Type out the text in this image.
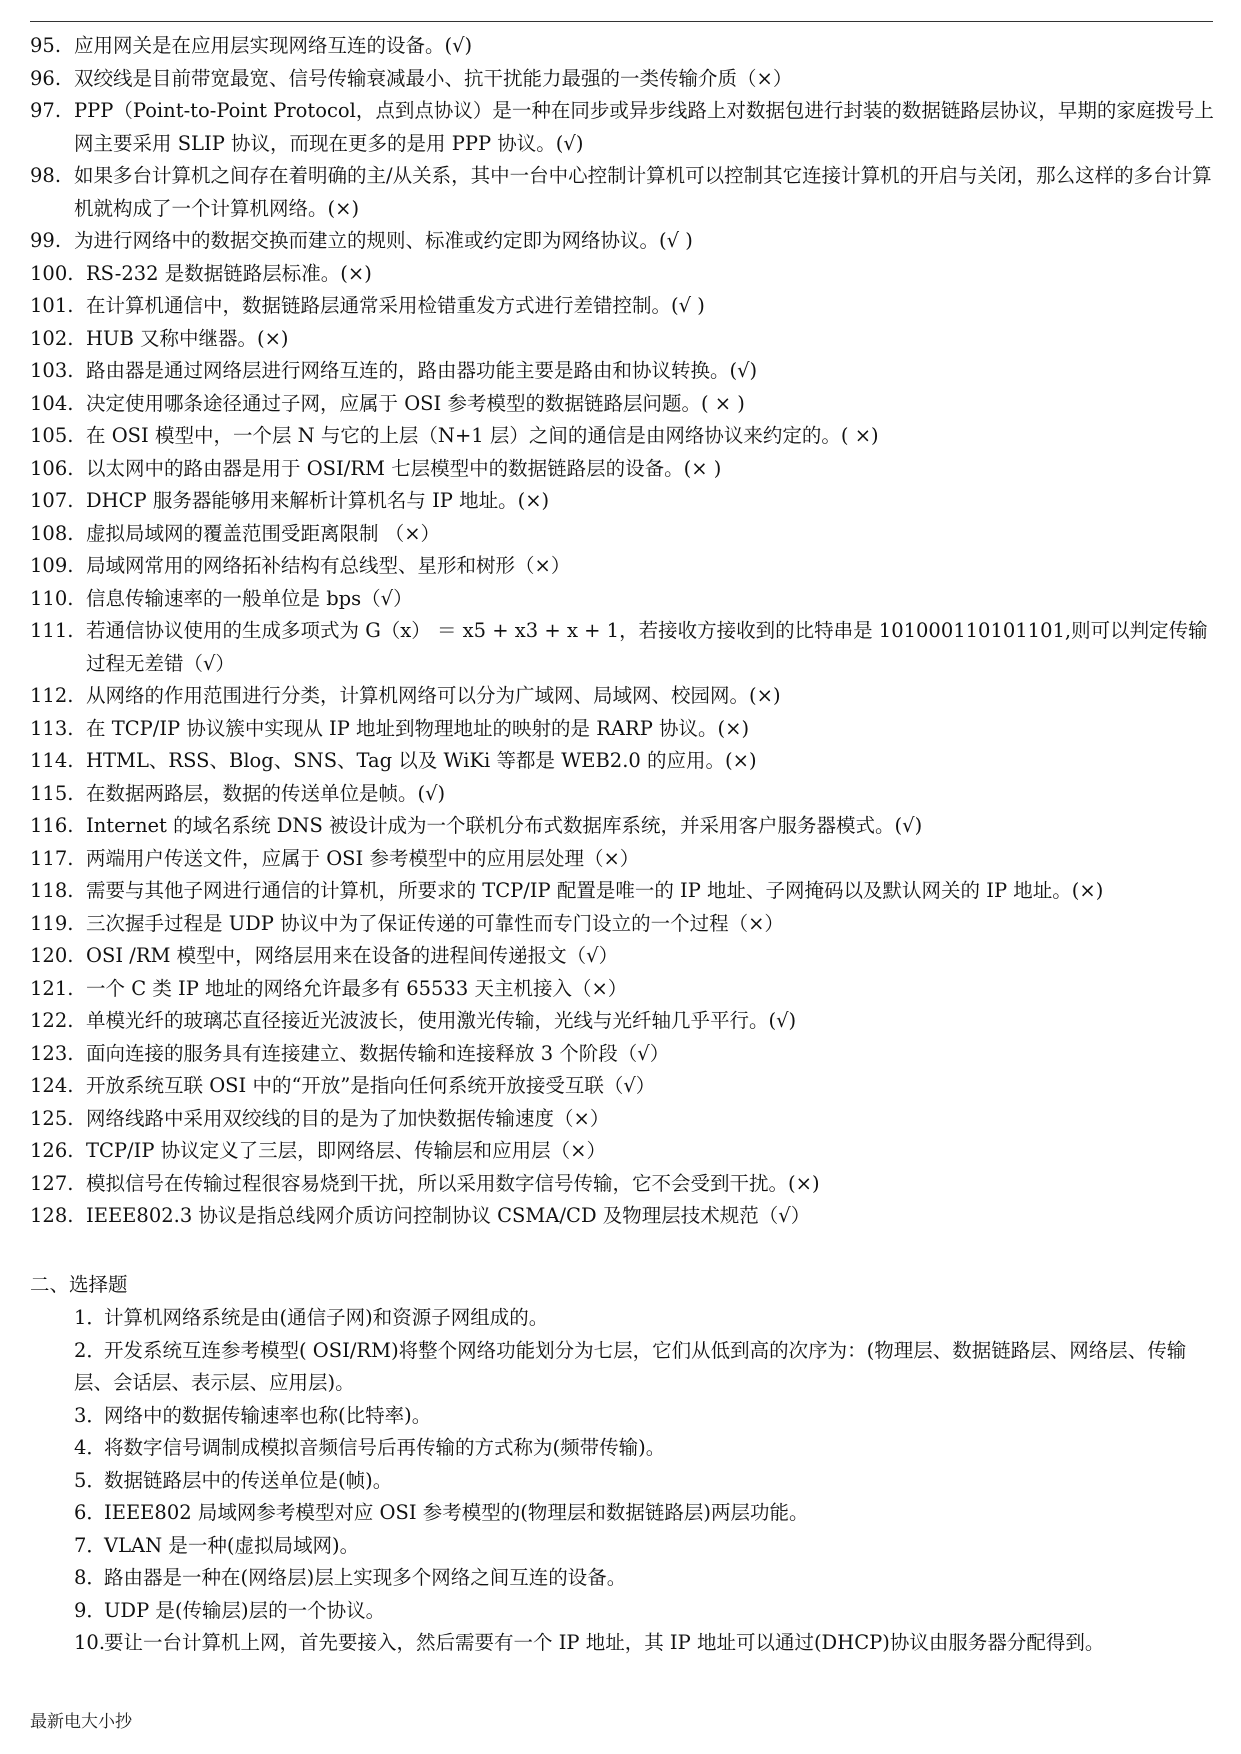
95. 应用网关是在应用层实现网络互连的设备。(√)
96. 双绞线是目前带宽最宽、信号传输衰减最小、抗干扰能力最强的一类传输介质（×）
97. PPP（Point-to-Point Protocol，点到点协议）是一种在同步或异步线路上对数据包进行封装的数据链路层协议，早期的家庭拨号上网主要采用 SLIP 协议，而现在更多的是用 PPP 协议。(√)
98. 如果多台计算机之间存在着明确的主/从关系，其中一台中心控制计算机可以控制其它连接计算机的开启与关闭，那么这样的多台计算机就构成了一个计算机网络。(×)
99. 为进行网络中的数据交换而建立的规则、标准或约定即为网络协议。(√ )
100. RS-232 是数据链路层标准。(×)
101. 在计算机通信中，数据链路层通常采用检错重发方式进行差错控制。(√ )
102. HUB 又称中继器。(×)
103. 路由器是通过网络层进行网络互连的，路由器功能主要是路由和协议转换。(√)
104. 决定使用哪条途径通过子网，应属于 OSI 参考模型的数据链路层问题。( × )
105. 在 OSI 模型中，一个层 N 与它的上层（N+1 层）之间的通信是由网络协议来约定的。( ×)
106. 以太网中的路由器是用于 OSI/RM 七层模型中的数据链路层的设备。(× )
107. DHCP 服务器能够用来解析计算机名与 IP 地址。(×)
108. 虚拟局域网的覆盖范围受距离限制 （×）
109. 局域网常用的网络拓补结构有总线型、星形和树形（×）
110. 信息传输速率的一般单位是 bps（√）
111. 若通信协议使用的生成多项式为 G（x） ＝ x5 + x3 + x + 1，若接收方接收到的比特串是 101000110101101,则可以判定传输过程无差错（√）
112. 从网络的作用范围进行分类，计算机网络可以分为广域网、局域网、校园网。(×)
113. 在 TCP/IP 协议簇中实现从 IP 地址到物理地址的映射的是 RARP 协议。(×)
114. HTML、RSS、Blog、SNS、Tag 以及 WiKi 等都是 WEB2.0 的应用。(×)
115. 在数据两路层，数据的传送单位是帧。(√)
116. Internet 的域名系统 DNS 被设计成为一个联机分布式数据库系统，并采用客户服务器模式。(√)
117. 两端用户传送文件，应属于 OSI 参考模型中的应用层处理（×）
118. 需要与其他子网进行通信的计算机，所要求的 TCP/IP 配置是唯一的 IP 地址、子网掩码以及默认网关的 IP 地址。(×)
119. 三次握手过程是 UDP 协议中为了保证传递的可靠性而专门设立的一个过程（×）
120. OSI /RM 模型中，网络层用来在设备的进程间传递报文（√）
121. 一个 C 类 IP 地址的网络允许最多有 65533 天主机接入（×）
122. 单模光纤的玻璃芯直径接近光波波长，使用激光传输，光线与光纤轴几乎平行。(√)
123. 面向连接的服务具有连接建立、数据传输和连接释放 3 个阶段（√）
124. 开放系统互联 OSI 中的“开放”是指向任何系统开放接受互联（√）
125. 网络线路中采用双绞线的目的是为了加快数据传输速度（×）
126. TCP/IP 协议定义了三层，即网络层、传输层和应用层（×）
127. 模拟信号在传输过程很容易烧到干扰，所以采用数字信号传输，它不会受到干扰。(×)
128. IEEE802.3 协议是指总线网介质访问控制协议 CSMA/CD 及物理层技术规范（√）
二、选择题
1．计算机网络系统是由(通信子网)和资源子网组成的。
2．开发系统互连参考模型( OSI/RM)将整个网络功能划分为七层，它们从低到高的次序为：(物理层、数据链路层、网络层、传输层、会话层、表示层、应用层)。
3．网络中的数据传输速率也称(比特率)。
4．将数字信号调制成模拟音频信号后再传输的方式称为(频带传输)。
5．数据链路层中的传送单位是(帧)。
6．IEEE802 局域网参考模型对应 OSI 参考模型的(物理层和数据链路层)两层功能。
7．VLAN 是一种(虚拟局域网)。
8．路由器是一种在(网络层)层上实现多个网络之间互连的设备。
9．UDP 是(传输层)层的一个协议。
10.要让一台计算机上网，首先要接入，然后需要有一个 IP 地址，其 IP 地址可以通过(DHCP)协议由服务器分配得到。
最新电大小抄
